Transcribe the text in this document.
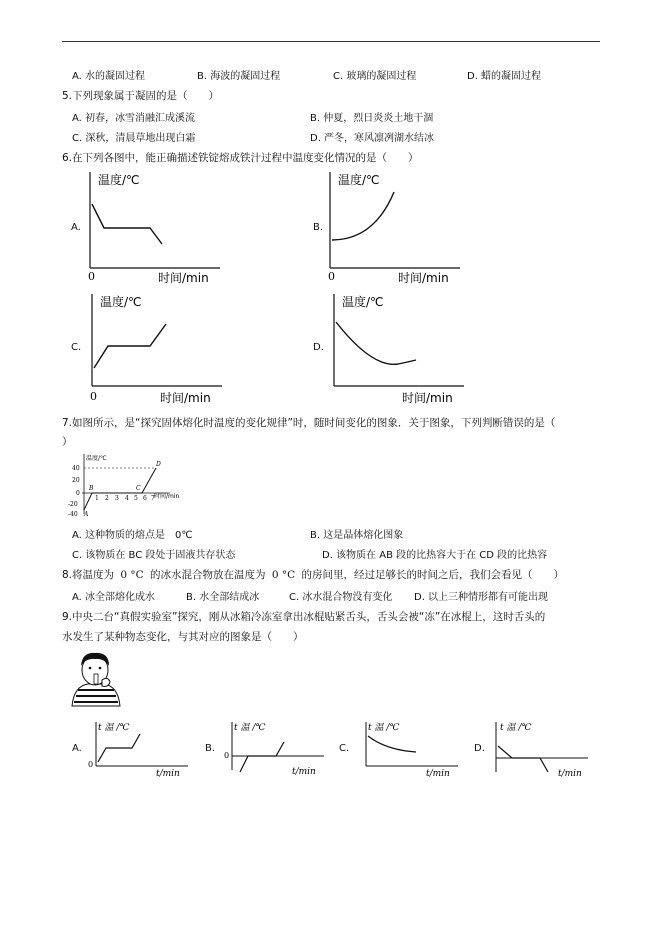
A. 水的凝固过程	B. 海波的凝固过程	C. 玻璃的凝固过程	D. 蜡的凝固过程
5.下列现象属于凝固的是（　　）
A. 初春，冰雪消融汇成溪流	B. 仲夏，烈日炎炎土地干涸
C. 深秋，清晨草地出现白霜	D. 严冬，寒风凛冽湖水结冰
6.在下列各图中，能正确描述铁锭熔成铁汁过程中温度变化情况的是（　　）
A.
温度/℃
0	时间/min
B.
温度/℃
0	时间/min
C.
温度/℃
0	时间/min
D.
温度/℃
时间/min
7.如图所示，是“探究固体熔化时温度的变化规律”时，随时间变化的图象．关于图象，下列判断错误的是（
）
温度/℃
时间/min
40
20
0
-20
-40
1 2 3 4 5 6 7
A
B	C
D
A. 这种物质的熔点是　0℃	B. 这是晶体熔化图象
C. 该物质在 BC 段处于固液共存状态	D. 该物质在 AB 段的比热容大于在 CD 段的比热容
8.将温度为 0 °C 的冰水混合物放在温度为 0 °C 的房间里，经过足够长的时间之后，我们会看见（　　）
A. 冰全部熔化成水	B. 水全部结成冰	C. 冰水混合物没有变化 D. 以上三种情形都有可能出现
9.中央二台“真假实验室”探究，刚从冰箱冷冻室拿出冰棍贴紧舌头，舌头会被“冻”在冰棍上，这时舌头的
水发生了某种物态变化，与其对应的图象是（　　）
A.
t 温 /℃
0
t/min
B.
t 温 /℃
0
t/min
C.
t 温 /℃
t/min
D.
t 温 /℃
t/min
